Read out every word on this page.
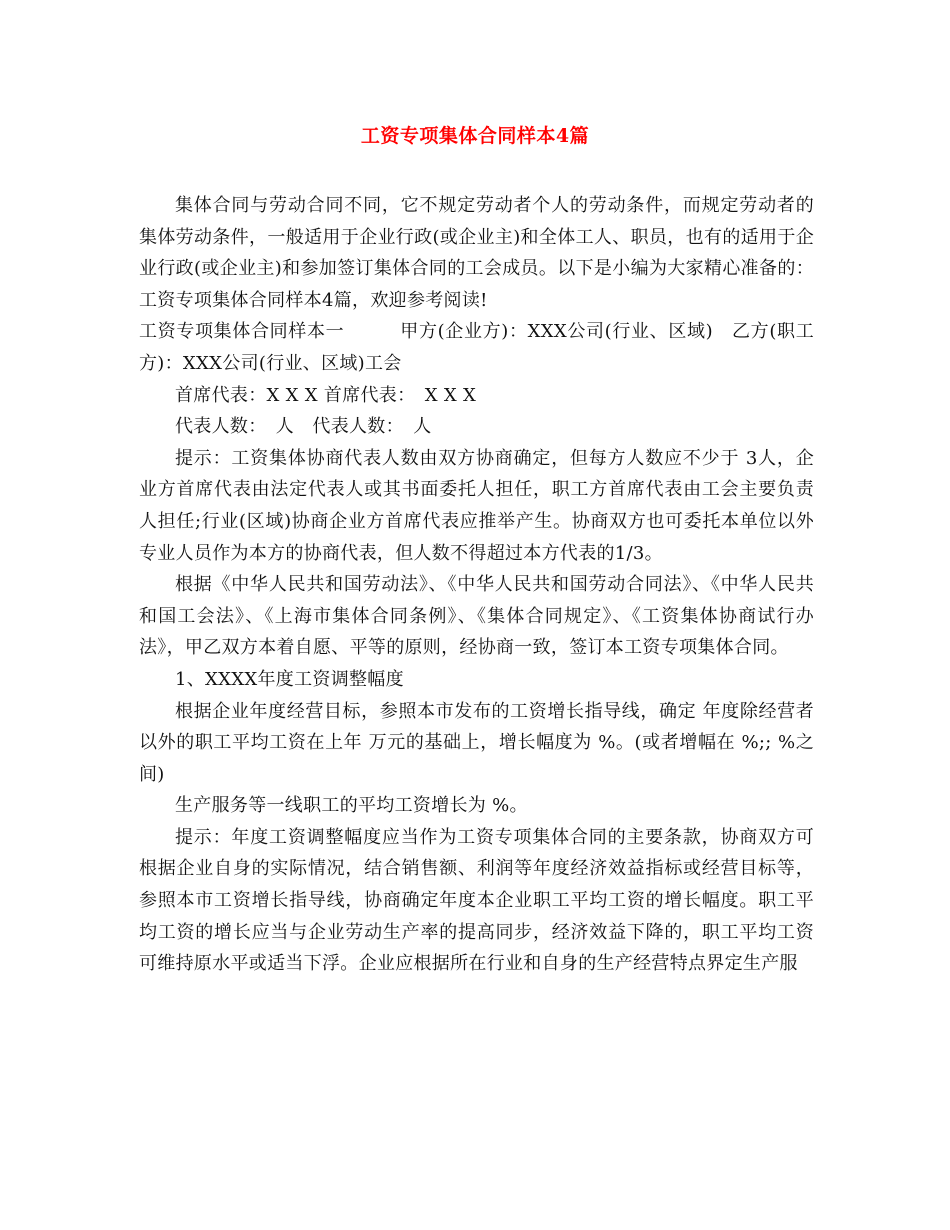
工资专项集体合同样本4篇

集体合同与劳动合同不同，它不规定劳动者个人的劳动条件，而规定劳动者的集体劳动条件，一般适用于企业行政(或企业主)和全体工人、职员，也有的适用于企业行政(或企业主)和参加签订集体合同的工会成员。以下是小编为大家精心准备的：工资专项集体合同样本4篇，欢迎参考阅读!

工资专项集体合同样本一　　　甲方(企业方)：XXX公司(行业、区域)　乙方(职工方)：XXX公司(行业、区域)工会

首席代表：X X X 首席代表：　X X X

代表人数：　人　代表人数：　人

提示：工资集体协商代表人数由双方协商确定，但每方人数应不少于 3人，企业方首席代表由法定代表人或其书面委托人担任，职工方首席代表由工会主要负责人担任;行业(区域)协商企业方首席代表应推举产生。协商双方也可委托本单位以外专业人员作为本方的协商代表，但人数不得超过本方代表的1/3。

根据《中华人民共和国劳动法》、《中华人民共和国劳动合同法》、《中华人民共和国工会法》、《上海市集体合同条例》、《集体合同规定》、《工资集体协商试行办法》，甲乙双方本着自愿、平等的原则，经协商一致，签订本工资专项集体合同。

1、XXXX年度工资调整幅度

根据企业年度经营目标，参照本市发布的工资增长指导线，确定 年度除经营者以外的职工平均工资在上年 万元的基础上，增长幅度为 %。(或者增幅在 %;; %之间)

生产服务等一线职工的平均工资增长为 %。

提示：年度工资调整幅度应当作为工资专项集体合同的主要条款，协商双方可根据企业自身的实际情况，结合销售额、利润等年度经济效益指标或经营目标等，参照本市工资增长指导线，协商确定年度本企业职工平均工资的增长幅度。职工平均工资的增长应当与企业劳动生产率的提高同步，经济效益下降的，职工平均工资可维持原水平或适当下浮。企业应根据所在行业和自身的生产经营特点界定生产服
